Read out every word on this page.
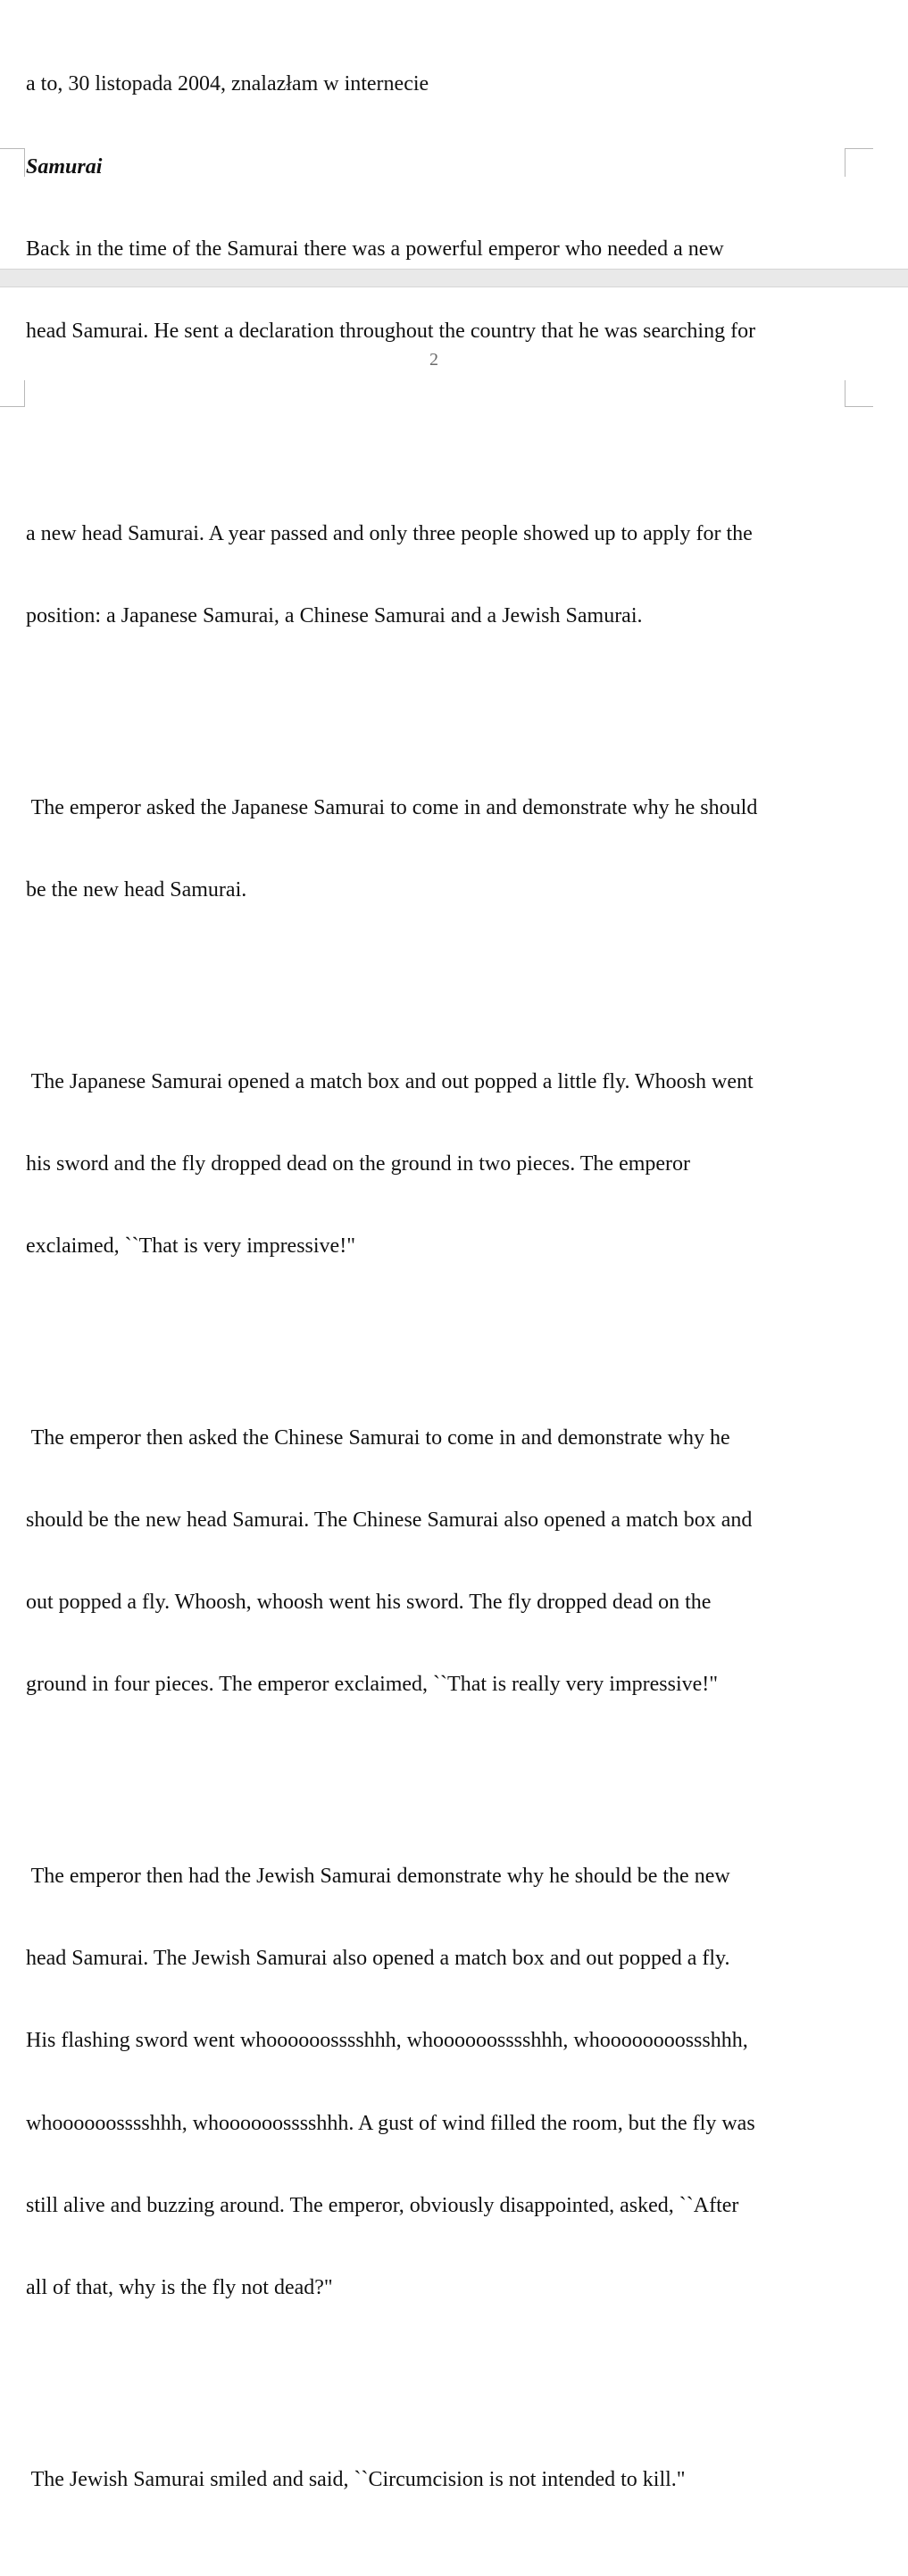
a to, 30 listopada 2004, znalazłam w internecie

Samurai

Back in the time of the Samurai there was a powerful emperor who needed a new

head Samurai. He sent a declaration throughout the country that he was searching for

2

a new head Samurai. A year passed and only three people showed up to apply for the

position: a Japanese Samurai, a Chinese Samurai and a Jewish Samurai.

The emperor asked the Japanese Samurai to come in and demonstrate why he should

be the new head Samurai.

The Japanese Samurai opened a match box and out popped a little fly. Whoosh went

his sword and the fly dropped dead on the ground in two pieces. The emperor

exclaimed, ``That is very impressive!"

The emperor then asked the Chinese Samurai to come in and demonstrate why he

should be the new head Samurai. The Chinese Samurai also opened a match box and

out popped a fly. Whoosh, whoosh went his sword. The fly dropped dead on the

ground in four pieces. The emperor exclaimed, ``That is really very impressive!"

The emperor then had the Jewish Samurai demonstrate why he should be the new

head Samurai. The Jewish Samurai also opened a match box and out popped a fly.

His flashing sword went whoooooosssshhh, whoooooosssshhh, whoooooooossshhh,

whoooooosssshhh, whoooooosssshhh. A gust of wind filled the room, but the fly was

still alive and buzzing around. The emperor, obviously disappointed, asked, ``After

all of that, why is the fly not dead?"

The Jewish Samurai smiled and said, ``Circumcision is not intended to kill."
